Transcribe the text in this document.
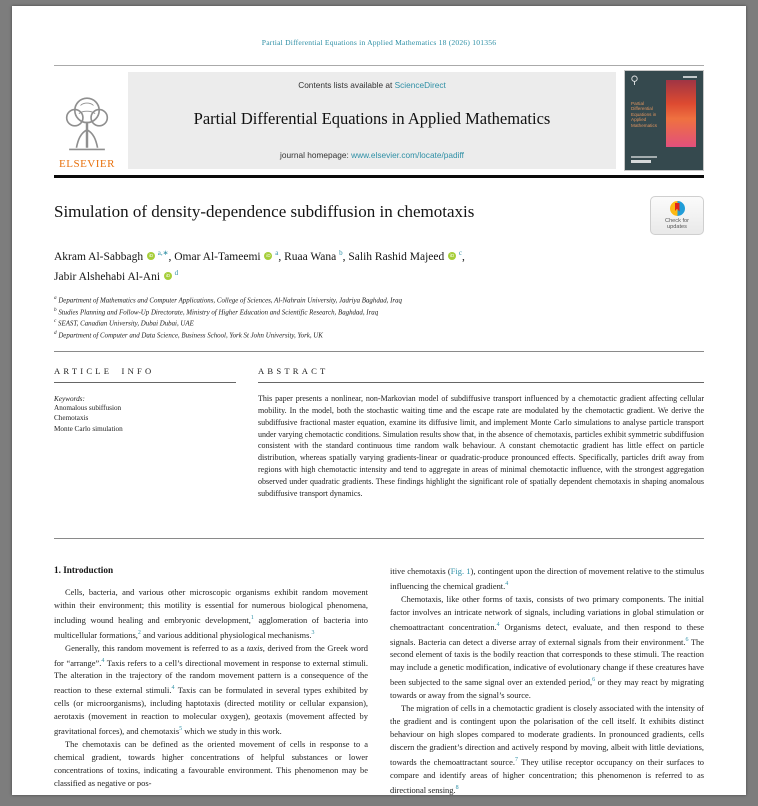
Partial Differential Equations in Applied Mathematics 18 (2026) 101356
ELSEVIER
Contents lists available at ScienceDirect
Partial Differential Equations in Applied Mathematics
journal homepage: www.elsevier.com/locate/padiff
Partial Differential Equations in Applied Mathematics
Simulation of density-dependence subdiffusion in chemotaxis	Check for updates
Akram Al-Sabbagh iD $^{a,∗}$, Omar Al-Tameemi iD $^a$, Ruaa Wana $^b$, Salih Rashid Majeed iD $^c$,
Jabir Alshehabi Al-Ani iD $^d$
$^a$ Department of Mathematics and Computer Applications, College of Sciences, Al-Nahrain University, Jadriya Baghdad, Iraq
$^b$ Studies Planning and Follow-Up Directorate, Ministry of Higher Education and Scientific Research, Baghdad, Iraq
$^c$ SEAST, Canadian University, Dubai Dubai, UAE
$^d$ Department of Computer and Data Science, Business School, York St John University, York, UK
ARTICLE INFO
Keywords:
Anomalous subiffusion
Chemotaxis
Monte Carlo simulation
ABSTRACT

This paper presents a nonlinear, non-Markovian model of subdiffusive transport influenced by a chemotactic gradient affecting cellular mobility. In the model, both the stochastic waiting time and the escape rate are modulated by the chemotactic gradient. We derive the subdiffusive fractional master equation, examine its diffusive limit, and implement Monte Carlo simulations to analyse particle transport under varying chemotactic conditions. Simulation results show that, in the absence of chemotaxis, particles exhibit symmetric subdiffusion consistent with the standard continuous time random walk behaviour. A constant chemotactic gradient has little effect on particle distribution, whereas spatially varying gradients-linear or quadratic-produce pronounced effects. Specifically, particles drift away from regions with high chemotactic intensity and tend to aggregate in areas of minimal chemotactic influence, with the strongest aggregation observed under quadratic gradients. These findings highlight the significant role of spatially dependent chemotaxis in shaping anomalous subdiffusive transport dynamics.

1. Introduction

Cells, bacteria, and various other microscopic organisms exhibit random movement within their environment; this motility is essential for numerous biological phenomena, including wound healing and embryonic development,$^1$ agglomeration of bacteria into multicellular formations,$^2$ and various additional physiological mechanisms.$^3$

Generally, this random movement is referred to as a taxis, derived from the Greek word for “arrange”.$^4$ Taxis refers to a cell’s directional movement in response to external stimuli. The alteration in the trajectory of the random movement pattern is a consequence of the reaction to these external stimuli.$^4$ Taxis can be formulated in several types exhibited by cells (or microorganisms), including haptotaxis (directed motility or cellular expansion), aerotaxis (movement in reaction to molecular oxygen), geotaxis (movement affected by gravitational forces), and chemotaxis$^5$ which we study in this work.

The chemotaxis can be defined as the oriented movement of cells in response to a chemical gradient, towards higher concentrations of helpful substances or lower concentrations of toxins, indicating a favourable environment. This phenomenon may be classified as negative or pos-

itive chemotaxis (Fig. 1), contingent upon the direction of movement relative to the stimulus influencing the chemical gradient.$^4$

Chemotaxis, like other forms of taxis, consists of two primary components. The initial factor involves an intricate network of signals, including variations in global stimulation or chemoattractant concentration.$^4$ Organisms detect, evaluate, and then respond to these signals. Bacteria can detect a diverse array of external signals from their environment.$^6$ The second element of taxis is the bodily reaction that corresponds to these stimuli. The reaction may include a genetic modification, indicative of evolutionary change if these creatures have been subjected to the same signal over an extended period,$^6$ or they may react by migrating towards or away from the signal’s source.

The migration of cells in a chemotactic gradient is closely associated with the intensity of the gradient and is contingent upon the polarisation of the cell itself. It exhibits distinct behaviour on high slopes compared to moderate gradients. In pronounced gradients, cells discern the gradient’s direction and actively respond by moving, albeit with little deviations, towards the chemoattractant source.$^7$ They utilise receptor occupancy on their surfaces to compare and identify areas of higher concentration; this phenomenon is referred to as directional sensing.$^8$
